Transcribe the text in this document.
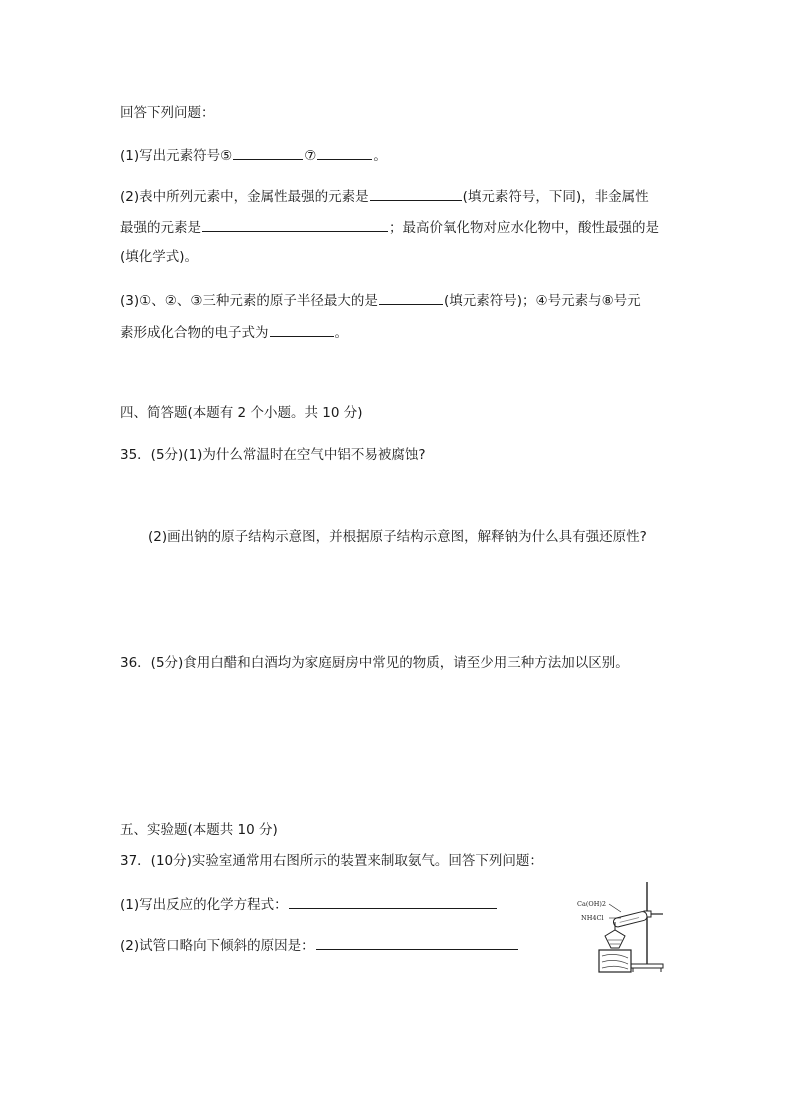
回答下列问题：
(1)写出元素符号⑤	⑦	。
(2)表中所列元素中，金属性最强的元素是	(填元素符号，下同)，非金属性
最强的元素是	；最高价氧化物对应水化物中，酸性最强的是
(填化学式)。
(3)①、②、③三种元素的原子半径最大的是	(填元素符号)；④号元素与⑧号元
素形成化合物的电子式为	。
四、简答题(本题有 2 个小题。共 10 分)
35．(5分)(1)为什么常温时在空气中铝不易被腐蚀?
(2)画出钠的原子结构示意图，并根据原子结构示意图，解释钠为什么具有强还原性?
36．(5分)食用白醋和白酒均为家庭厨房中常见的物质，请至少用三种方法加以区别。
五、实验题(本题共 10 分)
37．(10分)实验室通常用右图所示的装置来制取氨气。回答下列问题：
(1)写出反应的化学方程式：
(2)试管口略向下倾斜的原因是：
Ca(OH)2
NH4Cl
